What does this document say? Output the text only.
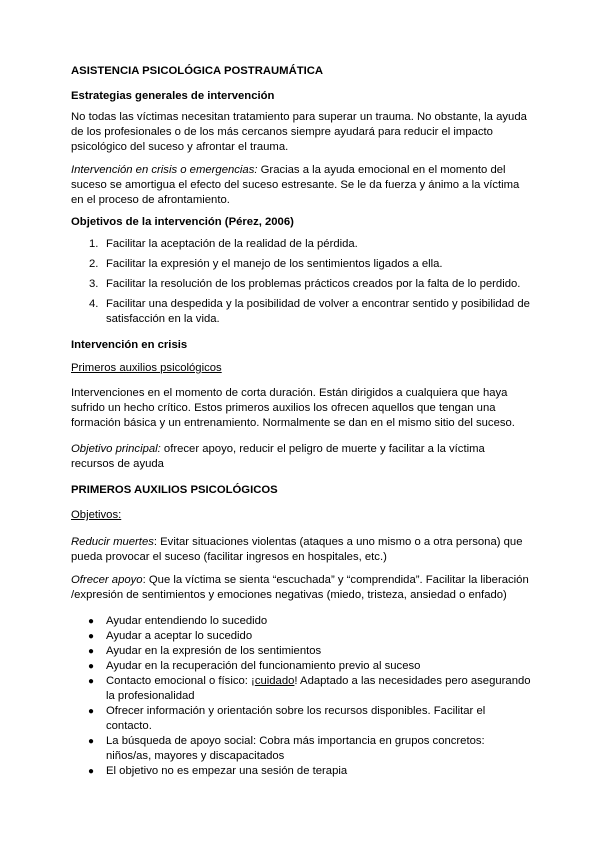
ASISTENCIA PSICOLÓGICA POSTRAUMÁTICA

Estrategias generales de intervención

No todas las víctimas necesitan tratamiento para superar un trauma. No obstante, la ayuda de los profesionales o de los más cercanos siempre ayudará para reducir el impacto psicológico del suceso y afrontar el trauma.

Intervención en crisis o emergencias: Gracias a la ayuda emocional en el momento del suceso se amortigua el efecto del suceso estresante. Se le da fuerza y ánimo a la víctima en el proceso de afrontamiento.

Objetivos de la intervención (Pérez, 2006)

1. Facilitar la aceptación de la realidad de la pérdida.
2. Facilitar la expresión y el manejo de los sentimientos ligados a ella.
3. Facilitar la resolución de los problemas prácticos creados por la falta de lo perdido.
4. Facilitar una despedida y la posibilidad de volver a encontrar sentido y posibilidad de satisfacción en la vida.

Intervención en crisis

Primeros auxilios psicológicos

Intervenciones en el momento de corta duración. Están dirigidos a cualquiera que haya sufrido un hecho crítico. Estos primeros auxilios los ofrecen aquellos que tengan una formación básica y un entrenamiento. Normalmente se dan en el mismo sitio del suceso.

Objetivo principal: ofrecer apoyo, reducir el peligro de muerte y facilitar a la víctima recursos de ayuda

PRIMEROS AUXILIOS PSICOLÓGICOS

Objetivos:

Reducir muertes: Evitar situaciones violentas (ataques a uno mismo o a otra persona) que pueda provocar el suceso (facilitar ingresos en hospitales, etc.)

Ofrecer apoyo: Que la víctima se sienta “escuchada” y “comprendida”. Facilitar la liberación /expresión de sentimientos y emociones negativas (miedo, tristeza, ansiedad o enfado)

● Ayudar entendiendo lo sucedido
● Ayudar a aceptar lo sucedido
● Ayudar en la expresión de los sentimientos
● Ayudar en la recuperación del funcionamiento previo al suceso
● Contacto emocional o físico: ¡cuidado! Adaptado a las necesidades pero asegurando la profesionalidad
● Ofrecer información y orientación sobre los recursos disponibles. Facilitar el contacto.
● La búsqueda de apoyo social: Cobra más importancia en grupos concretos: niños/as, mayores y discapacitados
● El objetivo no es empezar una sesión de terapia
